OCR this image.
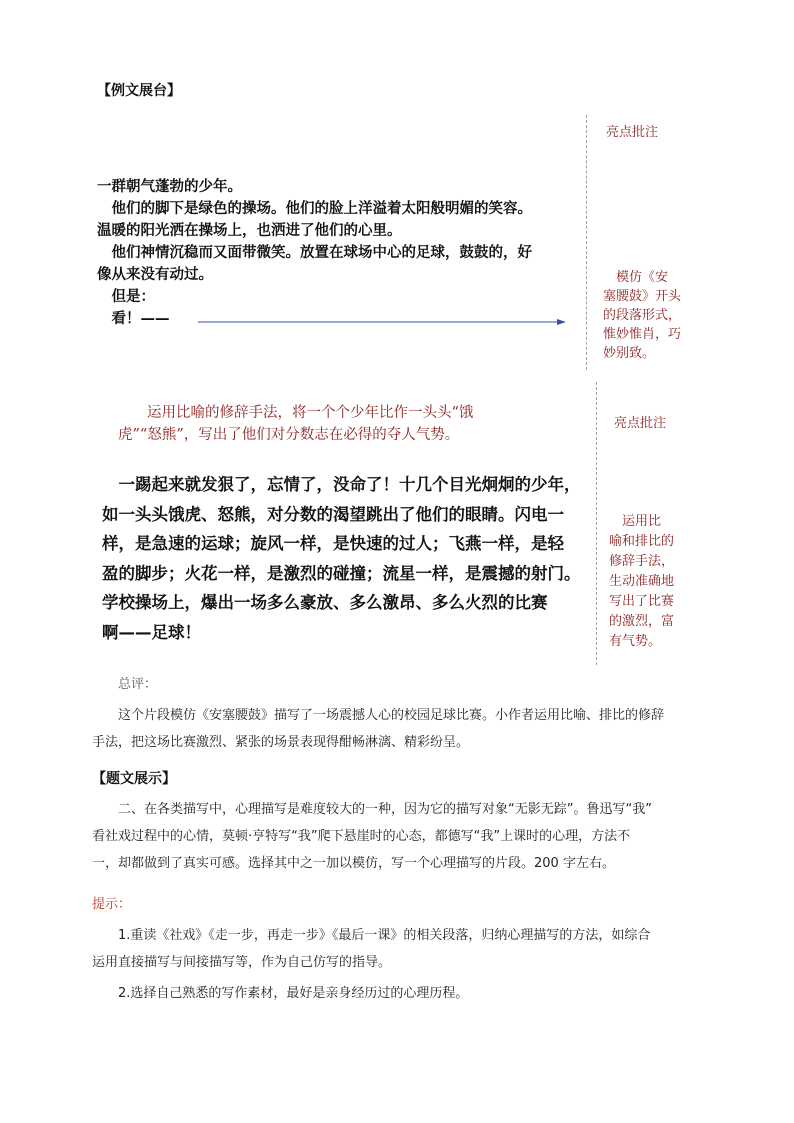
【例文展台】
一群朝气蓬勃的少年。
　他们的脚下是绿色的操场。他们的脸上洋溢着太阳般明媚的笑容。
温暖的阳光洒在操场上，也洒进了他们的心里。
　他们神情沉稳而又面带微笑。放置在球场中心的足球，鼓鼓的，好
像从来没有动过。
　但是：
　看！——
亮点批注
　模仿《安
塞腰鼓》开头
的段落形式，
惟妙惟肖，巧
妙别致。
　　运用比喻的修辞手法，将一个个少年比作一头头“饿
虎”“怒熊”，写出了他们对分数志在必得的夺人气势。
亮点批注
　运用比
喻和排比的
修辞手法，
生动准确地
写出了比赛
的激烈，富
有气势。
　一踢起来就发狠了，忘情了，没命了！十几个目光炯炯的少年，
如一头头饿虎、怒熊，对分数的渴望跳出了他们的眼睛。闪电一
样，是急速的运球；旋风一样，是快速的过人；飞燕一样，是轻
盈的脚步；火花一样，是激烈的碰撞；流星一样，是震撼的射门。
学校操场上，爆出一场多么豪放、多么激昂、多么火烈的比赛
啊——足球！
总评：
这个片段模仿《安塞腰鼓》描写了一场震撼人心的校园足球比赛。小作者运用比喻、排比的修辞
手法，把这场比赛激烈、紧张的场景表现得酣畅淋漓、精彩纷呈。
【题文展示】
二、在各类描写中，心理描写是难度较大的一种，因为它的描写对象“无影无踪”。鲁迅写“我”
看社戏过程中的心情，莫顿·亨特写“我”爬下悬崖时的心态，都德写“我”上课时的心理，方法不
一，却都做到了真实可感。选择其中之一加以模仿，写一个心理描写的片段。200 字左右。
提示：
1.重读《社戏》《走一步，再走一步》《最后一课》的相关段落，归纳心理描写的方法，如综合
运用直接描写与间接描写等，作为自己仿写的指导。
2.选择自己熟悉的写作素材，最好是亲身经历过的心理历程。
